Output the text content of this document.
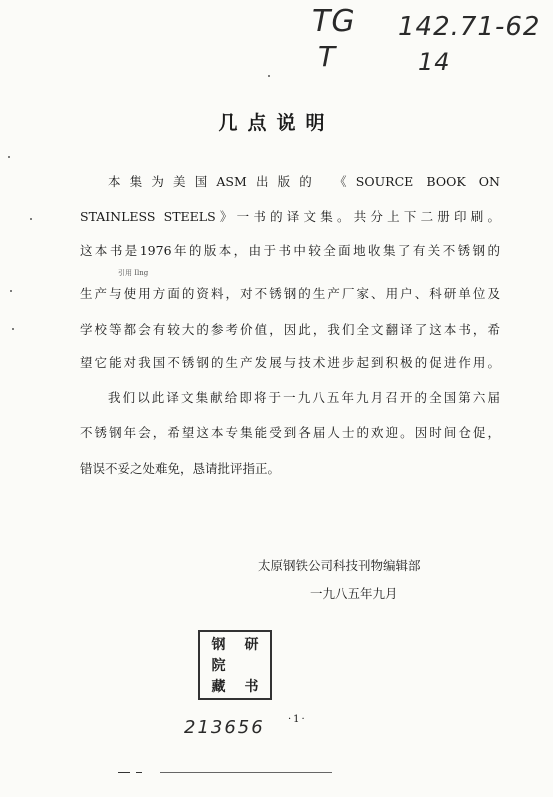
TG 142.71-62
T	14
几点说明
本集为美国ASM出版的 《SOURCE BOOK ON
STAINLESS STEELS》一书的译文集。共分上下二册印刷。
这本书是1976年的版本，由于书中较全面地收集了有关不锈钢的
生产与使用方面的资料，对不锈钢的生产厂家、用户、科研单位及
学校等都会有较大的参考价值，因此，我们全文翻译了这本书，希
望它能对我国不锈钢的生产发展与技术进步起到积极的促进作用。
引用 Ilng
我们以此译文集献给即将于一九八五年九月召开的全国第六届
不锈钢年会，希望这本专集能受到各届人士的欢迎。因时间仓促，
错误不妥之处难免，恳请批评指正。
太原钢铁公司科技刊物编辑部
一九八五年九月
钢	研
院
藏	书
213656 ·1·
